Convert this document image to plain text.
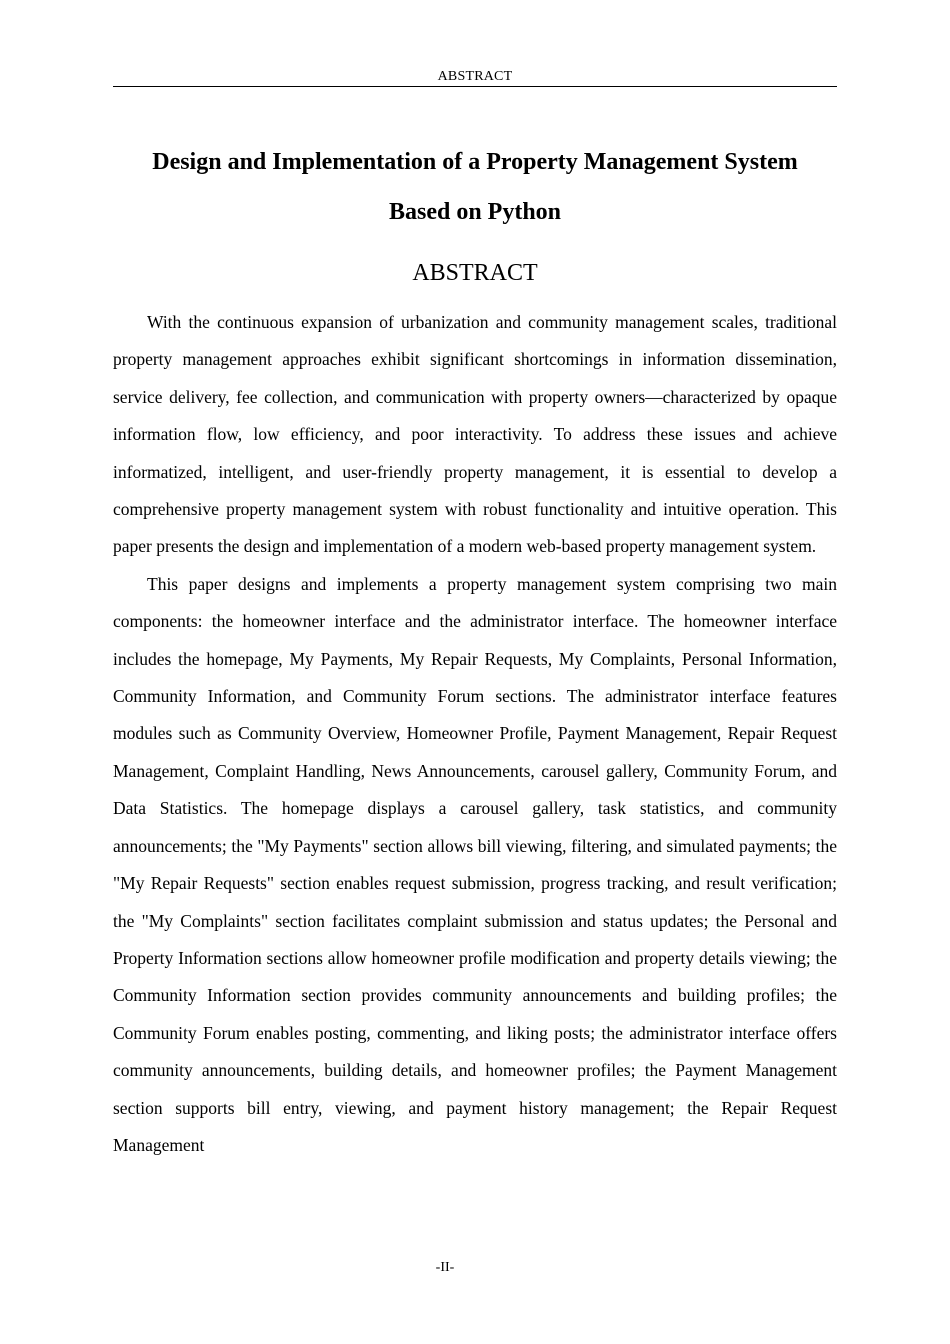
ABSTRACT
Design and Implementation of a Property Management System
Based on Python
ABSTRACT

With the continuous expansion of urbanization and community management scales, traditional property management approaches exhibit significant shortcomings in information dissemination, service delivery, fee collection, and communication with property owners—characterized by opaque information flow, low efficiency, and poor interactivity. To address these issues and achieve informatized, intelligent, and user-friendly property management, it is essential to develop a comprehensive property management system with robust functionality and intuitive operation. This paper presents the design and implementation of a modern web-based property management system.

This paper designs and implements a property management system comprising two main components: the homeowner interface and the administrator interface. The homeowner interface includes the homepage, My Payments, My Repair Requests, My Complaints, Personal Information, Community Information, and Community Forum sections. The administrator interface features modules such as Community Overview, Homeowner Profile, Payment Management, Repair Request Management, Complaint Handling, News Announcements, carousel gallery, Community Forum, and Data Statistics. The homepage displays a carousel gallery, task statistics, and community announcements; the "My Payments" section allows bill viewing, filtering, and simulated payments; the "My Repair Requests" section enables request submission, progress tracking, and result verification; the "My Complaints" section facilitates complaint submission and status updates; the Personal and Property Information sections allow homeowner profile modification and property details viewing; the Community Information section provides community announcements and building profiles; the Community Forum enables posting, commenting, and liking posts; the administrator interface offers community announcements, building details, and homeowner profiles; the Payment Management section supports bill entry, viewing, and payment history management; the Repair Request Management

-II-
